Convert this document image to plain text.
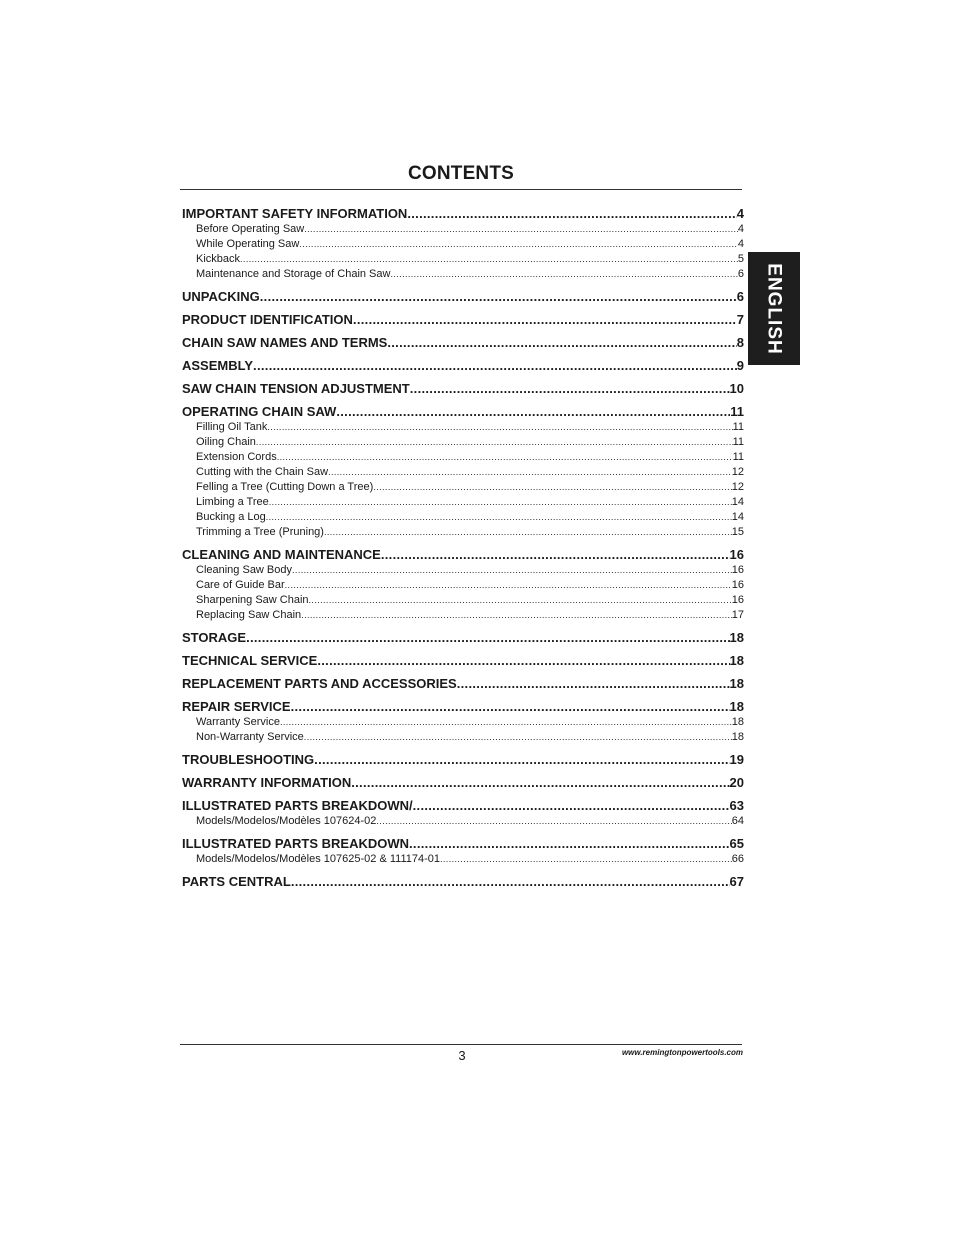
CONTENTS
IMPORTANT SAFETY INFORMATION .....	4
Before Operating Saw .....	4
While Operating Saw .....	4
Kickback .....	5
Maintenance and Storage of Chain Saw .....	6
UNPACKING .....	6
PRODUCT IDENTIFICATION .....	7
CHAIN SAW NAMES AND TERMS .....	8
ASSEMBLY .....	9
SAW CHAIN TENSION ADJUSTMENT .....	10
OPERATING CHAIN SAW .....	11
Filling Oil Tank .....	11
Oiling Chain .....	11
Extension Cords .....	11
Cutting with the Chain Saw .....	12
Felling a Tree (Cutting Down a Tree) .....	12
Limbing a Tree .....	14
Bucking a Log .....	14
Trimming a Tree (Pruning) .....	15
CLEANING AND MAINTENANCE .....	16
Cleaning Saw Body .....	16
Care of Guide Bar .....	16
Sharpening Saw Chain .....	16
Replacing Saw Chain .....	17
STORAGE .....	18
TECHNICAL SERVICE .....	18
REPLACEMENT PARTS AND ACCESSORIES .....	18
REPAIR SERVICE .....	18
Warranty Service .....	18
Non-Warranty Service .....	18
TROUBLESHOOTING .....	19
WARRANTY INFORMATION .....	20
ILLUSTRATED PARTS BREAKDOWN/ .....	63
Models/Modelos/Modèles 107624-02 .....	64
ILLUSTRATED PARTS BREAKDOWN .....	65
Models/Modelos/Modèles 107625-02 & 111174-01 .....	66
PARTS CENTRAL .....	67
ENGLISH
3	www.remingtonpowertools.com
